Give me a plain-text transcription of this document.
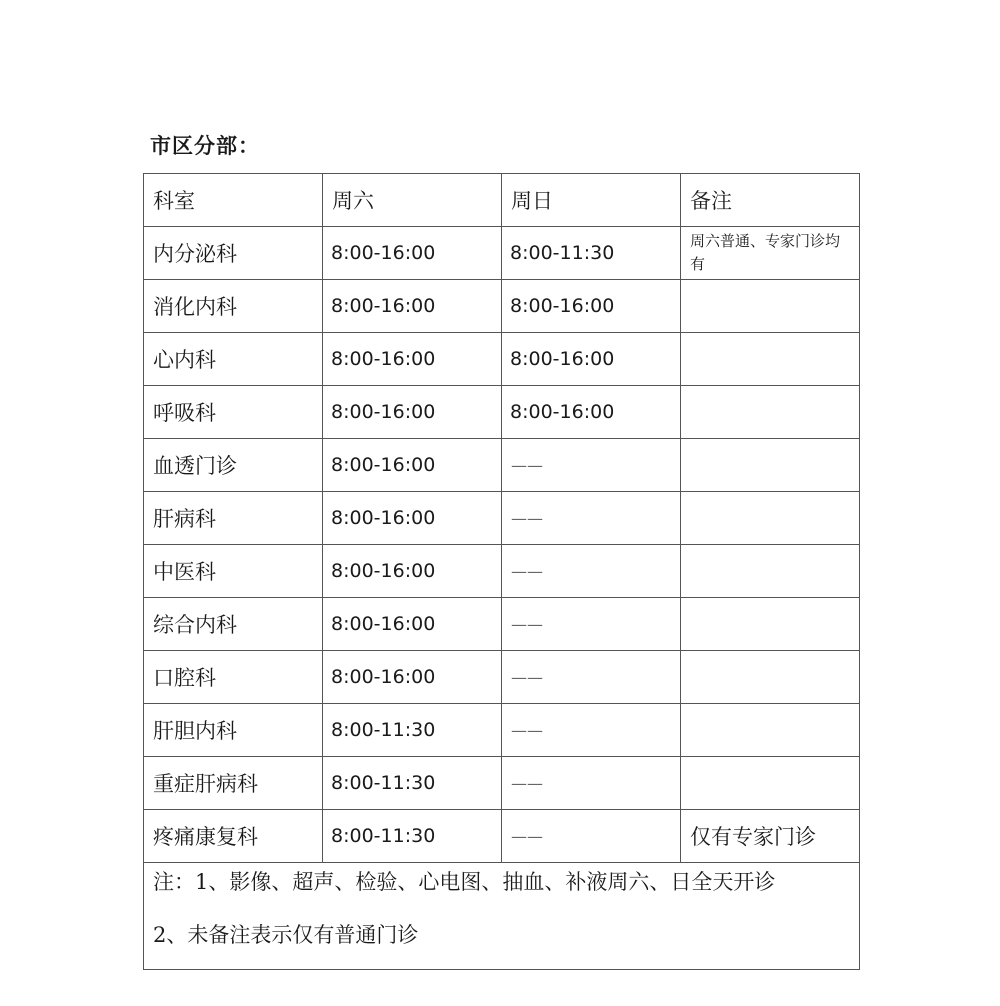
市区分部：
科室	周六	周日	备注
内分泌科	8:00-16:00	8:00-11:30	周六普通、专家门诊均有
消化内科	8:00-16:00	8:00-16:00	
心内科	8:00-16:00	8:00-16:00	
呼吸科	8:00-16:00	8:00-16:00	
血透门诊	8:00-16:00	——	
肝病科	8:00-16:00	——	
中医科	8:00-16:00	——	
综合内科	8:00-16:00	——	
口腔科	8:00-16:00	——	
肝胆内科	8:00-11:30	——	
重症肝病科	8:00-11:30	——	
疼痛康复科	8:00-11:30	——	仅有专家门诊

注：1、影像、超声、检验、心电图、抽血、补液周六、日全天开诊
2、未备注表示仅有普通门诊			
